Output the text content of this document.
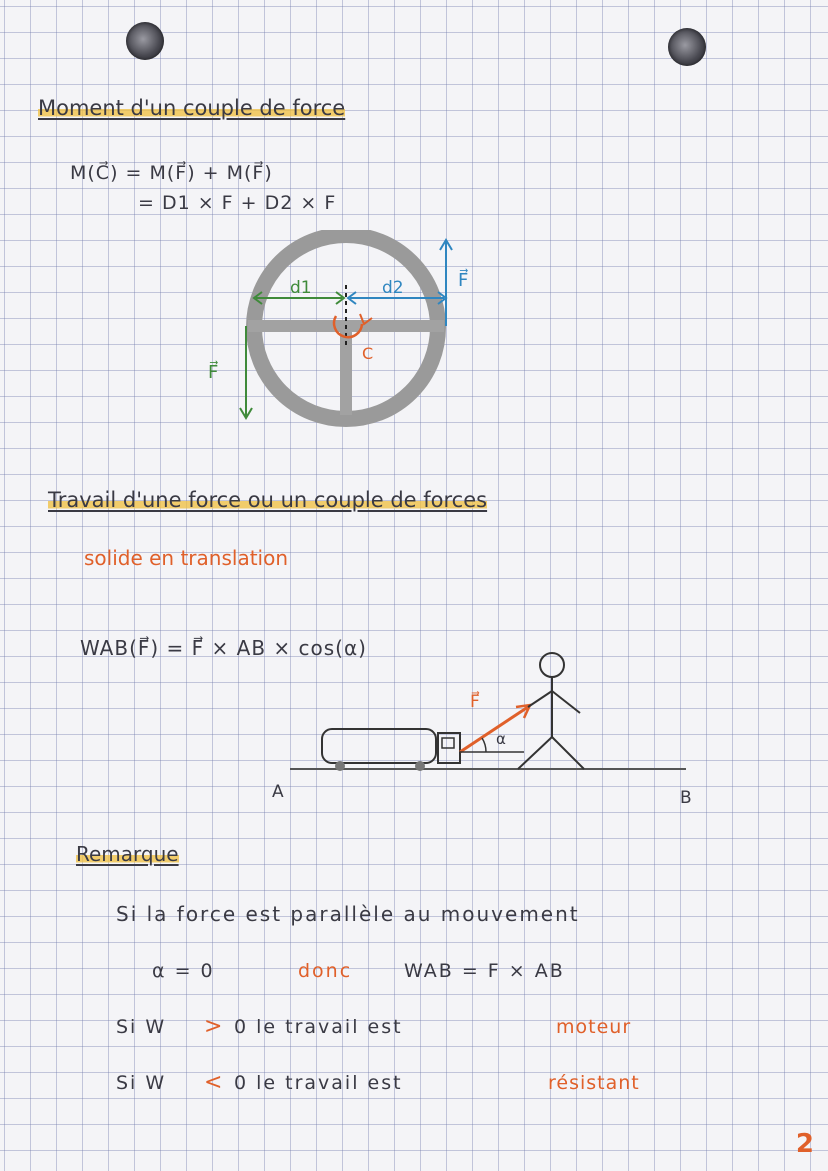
Moment d'un couple de force
M(C⃗) = M(F⃗) + M(F⃗)
= D1 × F + D2 × F
d1	d2
F⃗
F⃗
C
Travail d'une force ou un couple de forces
solide en translation
WAB(F⃗) = F⃗ × AB × cos(α)
F⃗
α
A	B
Remarque
Si la force est parallèle au mouvement
α = 0	donc	WAB = F × AB
Si W > 0 le travail est	moteur
Si W < 0 le travail est	résistant
2
